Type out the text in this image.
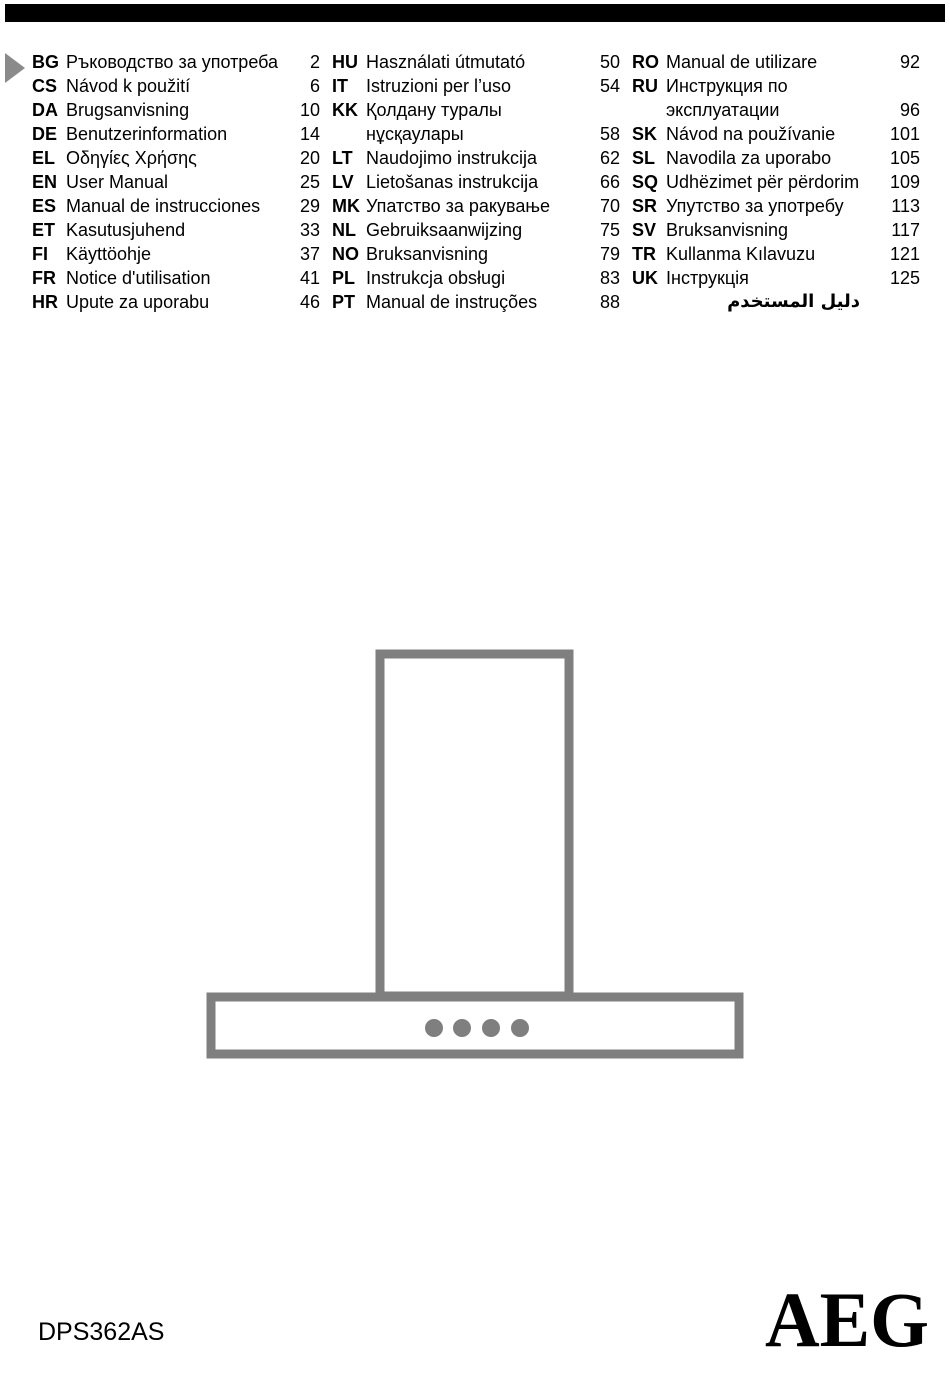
BG Ръководство за употреба	2
CS Návod k použití	6
DA Brugsanvisning	10
DE Benutzerinformation	14
EL Οδηγίες Χρήσης	20
EN User Manual	25
ES Manual de instrucciones	29
ET Kasutusjuhend	33
FI Käyttöohje	37
FR Notice d'utilisation	41
HR Upute za uporabu	46
HU Használati útmutató	50
IT Istruzioni per l’uso	54
KK Қолдану туралы
нұсқаулары	58
LT Naudojimo instrukcija	62
LV Lietošanas instrukcija	66
MK Упатство за ракување	70
NL Gebruiksaanwijzing	75
NO Bruksanvisning	79
PL Instrukcja obsługi	83
PT Manual de instruções	88
RO Manual de utilizare	92
RU Инструкция по
эксплуатации	96
SK Návod na používanie	101
SL Navodila za uporabo	105
SQ Udhëzimet për përdorim	109
SR Упутство за употребу	113
SV Bruksanvisning	117
TR Kullanma Kılavuzu	121
UK Інструкція	125
دليل المستخدم
DPS362AS	AEG
